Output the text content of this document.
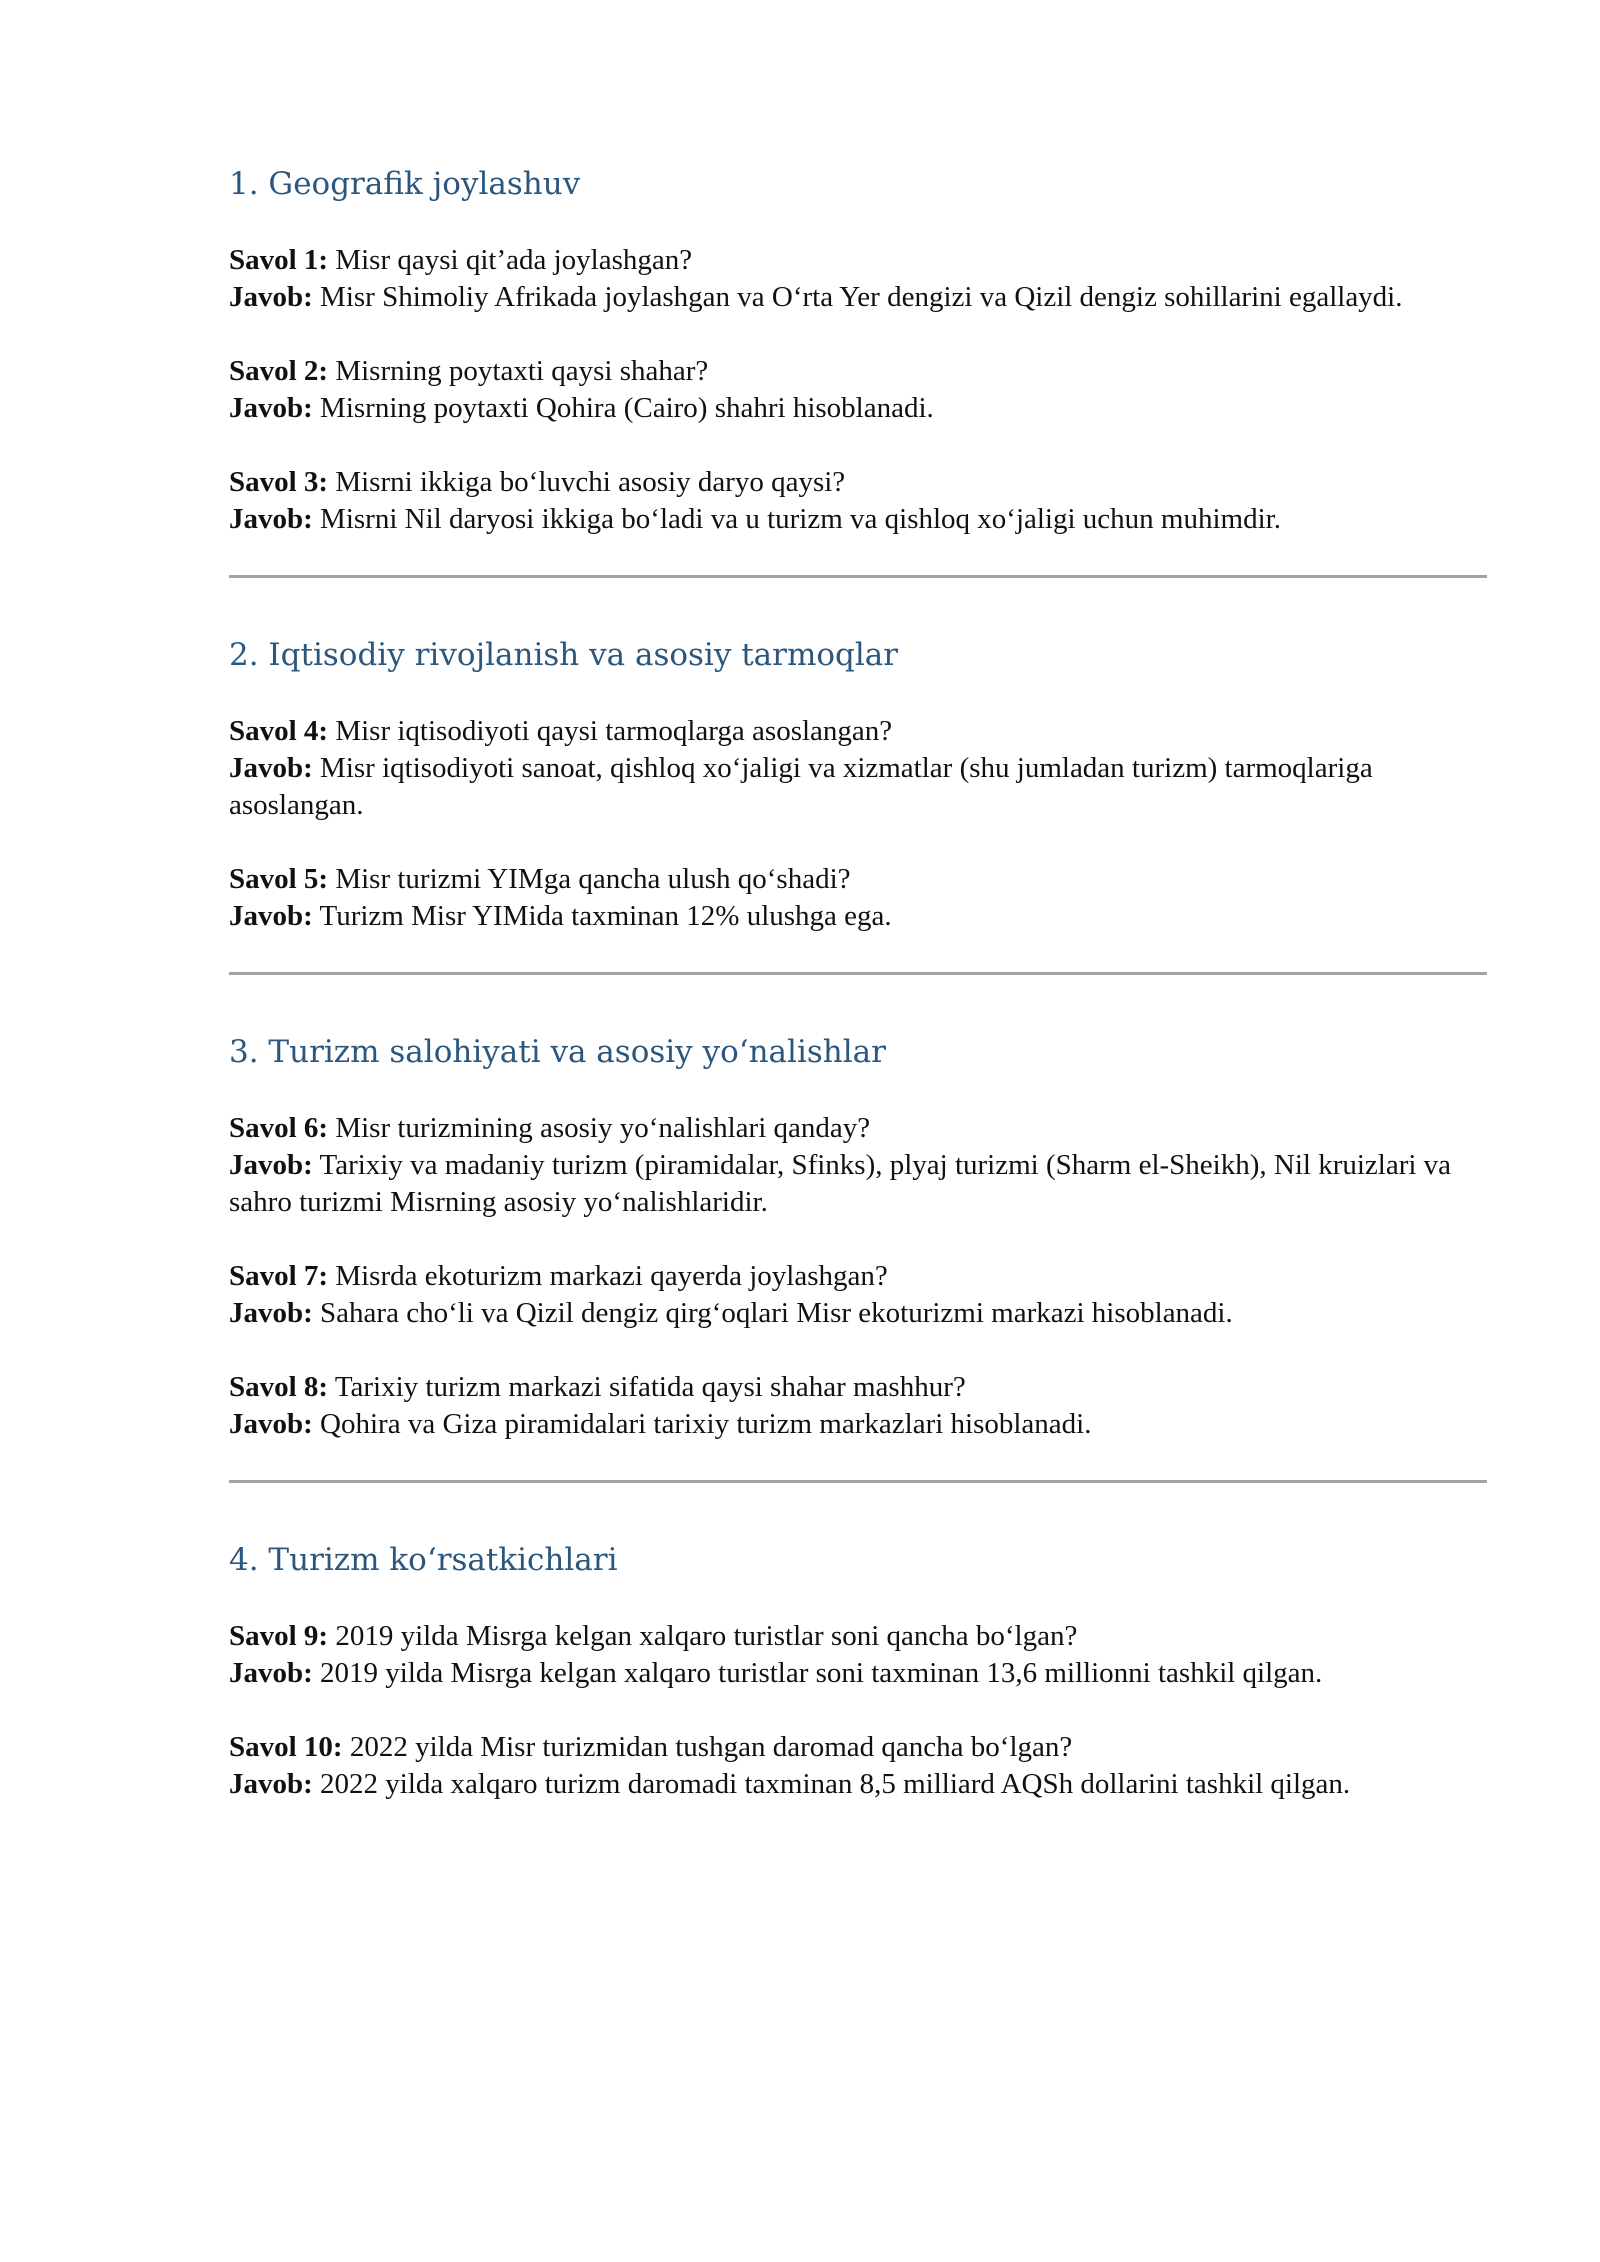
1. Geografik joylashuv

Savol 1: Misr qaysi qit’ada joylashgan?

Javob: Misr Shimoliy Afrikada joylashgan va O‘rta Yer dengizi va Qizil dengiz sohillarini egallaydi.

Savol 2: Misrning poytaxti qaysi shahar?

Javob: Misrning poytaxti Qohira (Cairo) shahri hisoblanadi.

Savol 3: Misrni ikkiga bo‘luvchi asosiy daryo qaysi?

Javob: Misrni Nil daryosi ikkiga bo‘ladi va u turizm va qishloq xo‘jaligi uchun muhimdir.

2. Iqtisodiy rivojlanish va asosiy tarmoqlar

Savol 4: Misr iqtisodiyoti qaysi tarmoqlarga asoslangan?

Javob: Misr iqtisodiyoti sanoat, qishloq xo‘jaligi va xizmatlar (shu jumladan turizm) tarmoqlariga asoslangan.

Savol 5: Misr turizmi YIMga qancha ulush qo‘shadi?

Javob: Turizm Misr YIMida taxminan 12% ulushga ega.

3. Turizm salohiyati va asosiy yo‘nalishlar

Savol 6: Misr turizmining asosiy yo‘nalishlari qanday?

Javob: Tarixiy va madaniy turizm (piramidalar, Sfinks), plyaj turizmi (Sharm el-Sheikh), Nil kruizlari va sahro turizmi Misrning asosiy yo‘nalishlaridir.

Savol 7: Misrda ekoturizm markazi qayerda joylashgan?

Javob: Sahara cho‘li va Qizil dengiz qirg‘oqlari Misr ekoturizmi markazi hisoblanadi.

Savol 8: Tarixiy turizm markazi sifatida qaysi shahar mashhur?

Javob: Qohira va Giza piramidalari tarixiy turizm markazlari hisoblanadi.

4. Turizm ko‘rsatkichlari

Savol 9: 2019 yilda Misrga kelgan xalqaro turistlar soni qancha bo‘lgan?

Javob: 2019 yilda Misrga kelgan xalqaro turistlar soni taxminan 13,6 millionni tashkil qilgan.

Savol 10: 2022 yilda Misr turizmidan tushgan daromad qancha bo‘lgan?

Javob: 2022 yilda xalqaro turizm daromadi taxminan 8,5 milliard AQSh dollarini tashkil qilgan.
